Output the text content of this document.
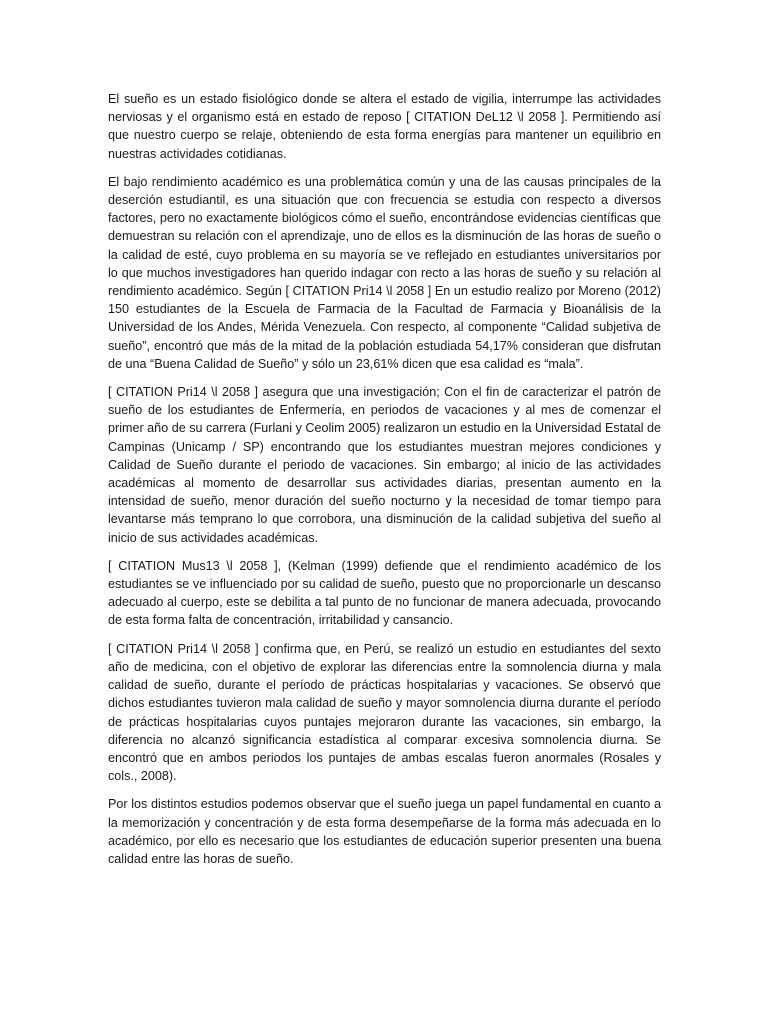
El sueño es un estado fisiológico donde se altera el estado de vigilia, interrumpe las actividades nerviosas y el organismo está en estado de reposo [ CITATION DeL12 \l 2058 ]. Permitiendo así que nuestro cuerpo se relaje, obteniendo de esta forma energías para mantener un equilibrio en nuestras actividades cotidianas.

El bajo rendimiento académico es una problemática común y una de las causas principales de la deserción estudiantil, es una situación que con frecuencia se estudia con respecto a diversos factores, pero no exactamente biológicos cómo el sueño, encontrándose evidencias científicas que demuestran su relación con el aprendizaje, uno de ellos es la disminución de las horas de sueño o la calidad de esté, cuyo problema en su mayoría se ve reflejado en estudiantes universitarios por lo que muchos investigadores han querido indagar con recto a las horas de sueño y su relación al rendimiento académico. Según [ CITATION Pri14 \l 2058 ] En un estudio realizo por Moreno (2012) 150 estudiantes de la Escuela de Farmacia de la Facultad de Farmacia y Bioanálisis de la Universidad de los Andes, Mérida Venezuela. Con respecto, al componente “Calidad subjetiva de sueño”, encontró que más de la mitad de la población estudiada 54,17% consideran que disfrutan de una “Buena Calidad de Sueño” y sólo un 23,61% dicen que esa calidad es “mala”.

[ CITATION Pri14 \l 2058 ] asegura que una investigación; Con el fin de caracterizar el patrón de sueño de los estudiantes de Enfermería, en periodos de vacaciones y al mes de comenzar el primer año de su carrera (Furlani y Ceolim 2005) realizaron un estudio en la Universidad Estatal de Campinas (Unicamp / SP) encontrando que los estudiantes muestran mejores condiciones y Calidad de Sueño durante el periodo de vacaciones. Sin embargo; al inicio de las actividades académicas al momento de desarrollar sus actividades diarias, presentan aumento en la intensidad de sueño, menor duración del sueño nocturno y la necesidad de tomar tiempo para levantarse más temprano lo que corrobora, una disminución de la calidad subjetiva del sueño al inicio de sus actividades académicas.

[ CITATION Mus13 \l 2058 ], (Kelman (1999) defiende que el rendimiento académico de los estudiantes se ve influenciado por su calidad de sueño, puesto que no proporcionarle un descanso adecuado al cuerpo, este se debilita a tal punto de no funcionar de manera adecuada, provocando de esta forma falta de concentración, irritabilidad y cansancio.

[ CITATION Pri14 \l 2058 ] confirma que, en Perú, se realizó un estudio en estudiantes del sexto año de medicina, con el objetivo de explorar las diferencias entre la somnolencia diurna y mala calidad de sueño, durante el período de prácticas hospitalarias y vacaciones. Se observó que dichos estudiantes tuvieron mala calidad de sueño y mayor somnolencia diurna durante el período de prácticas hospitalarias cuyos puntajes mejoraron durante las vacaciones, sin embargo, la diferencia no alcanzó significancia estadística al comparar excesiva somnolencia diurna. Se encontró que en ambos periodos los puntajes de ambas escalas fueron anormales (Rosales y cols., 2008).

Por los distintos estudios podemos observar que el sueño juega un papel fundamental en cuanto a la memorización y concentración y de esta forma desempeñarse de la forma más adecuada en lo académico, por ello es necesario que los estudiantes de educación superior presenten una buena calidad entre las horas de sueño.
